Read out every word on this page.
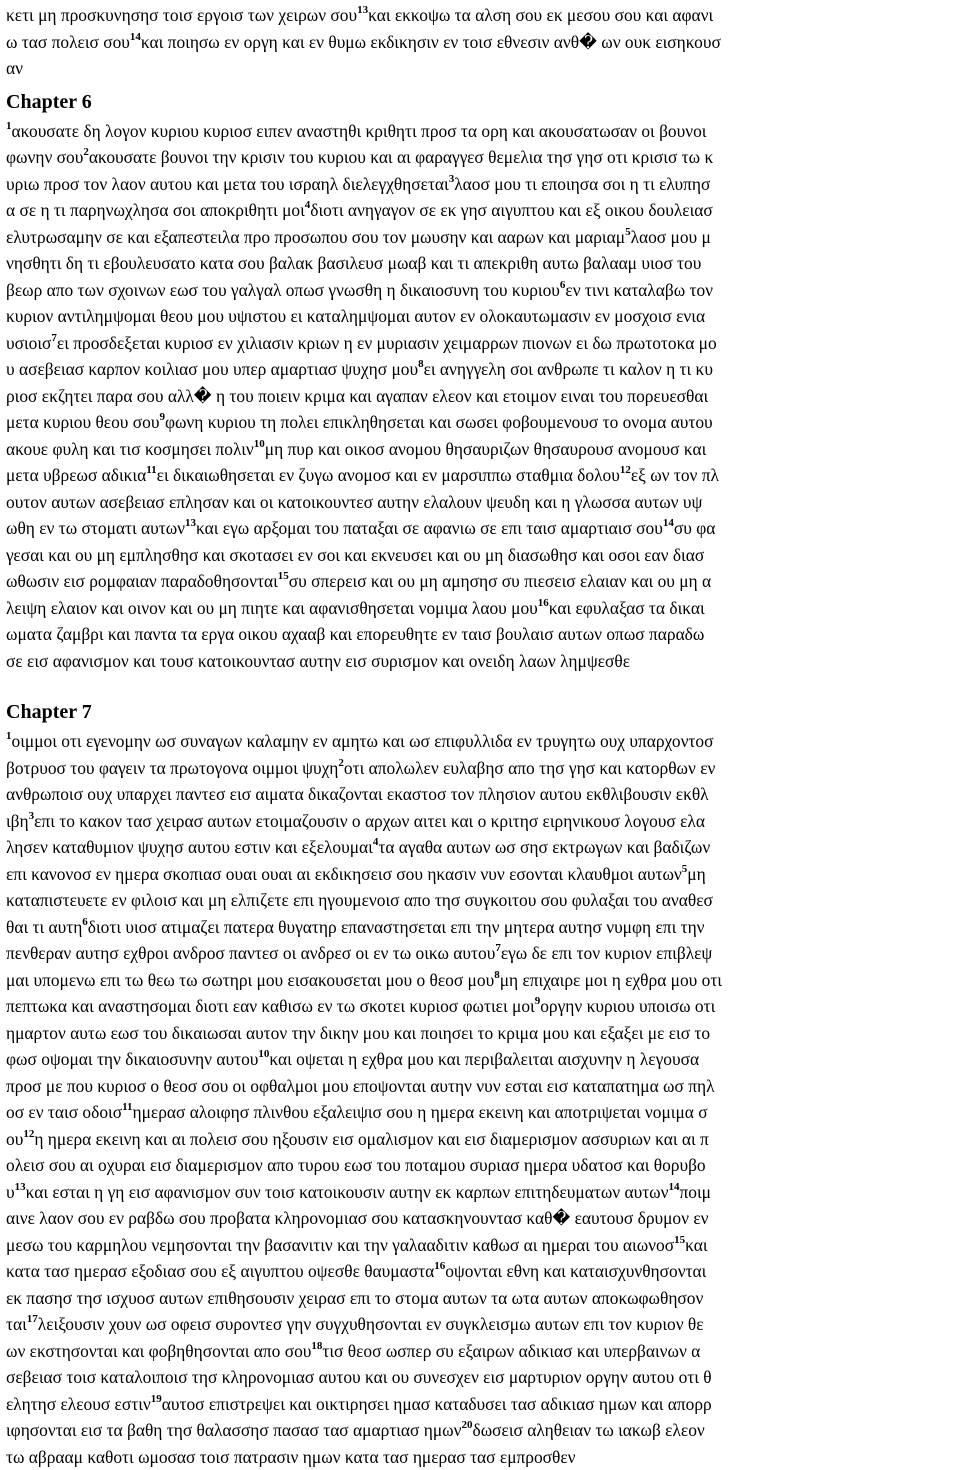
κετι μη προσκυνησησ τοισ εργοισ των χειρων σου$^{13}$και εκκοψω τα αλση σου εκ μεσου σου και αφανι
ω τασ πολεισ σου$^{14}$και ποιησω εν οργη και εν θυμω εκδικησιν εν τοισ εθνεσιν ανθ� ων ουκ εισηκουσ
αν
Chapter 6
$^1$ακουσατε δη λογον κυριου κυριοσ ειπεν αναστηθι κριθητι προσ τα ορη και ακουσατωσαν οι βουνοι
φωνην σου$^2$ακουσατε βουνοι την κρισιν του κυριου και αι φαραγγεσ θεμελια τησ γησ οτι κρισισ τω κ
υριω προσ τον λαον αυτου και μετα του ισραηλ διελεγχθησεται$^3$λαοσ μου τι εποιησα σοι η τι ελυπησ
α σε η τι παρηνωχλησα σοι αποκριθητι μοι$^4$διοτι ανηγαγον σε εκ γησ αιγυπτου και εξ οικου δουλειασ
ελυτρωσαμην σε και εξαπεστειλα προ προσωπου σου τον μωυσην και ααρων και μαριαμ$^5$λαοσ μου μ
νησθητι δη τι εβουλευσατο κατα σου βαλακ βασιλευσ μωαβ και τι απεκριθη αυτω βαλααμ υιοσ του
βεωρ απο των σχοινων εωσ του γαλγαλ οπωσ γνωσθη η δικαιοσυνη του κυριου$^6$εν τινι καταλαβω τον
κυριον αντιλημψομαι θεου μου υψιστου ει καταλημψομαι αυτον εν ολοκαυτωμασιν εν μοσχοισ ενια
υσιοισ$^7$ει προσδεξεται κυριοσ εν χιλιασιν κριων η εν μυριασιν χειμαρρων πιονων ει δω πρωτοτοκα μο
υ ασεβειασ καρπον κοιλιασ μου υπερ αμαρτιασ ψυχησ μου$^8$ει ανηγγελη σοι ανθρωπε τι καλον η τι κυ
ριοσ εκζητει παρα σου αλλ� η του ποιειν κριμα και αγαπαν ελεον και ετοιμον ειναι του πορευεσθαι
μετα κυριου θεου σου$^9$φωνη κυριου τη πολει επικληθησεται και σωσει φοβουμενουσ το ονομα αυτου
ακουε φυλη και τισ κοσμησει πολιν$^{10}$μη πυρ και οικοσ ανομου θησαυριζων θησαυρουσ ανομουσ και
μετα υβρεωσ αδικια$^{11}$ει δικαιωθησεται εν ζυγω ανομοσ και εν μαρσιππω σταθμια δολου$^{12}$εξ ων τον πλ
ουτον αυτων ασεβειασ επλησαν και οι κατοικουντεσ αυτην ελαλουν ψευδη και η γλωσσα αυτων υψ
ωθη εν τω στοματι αυτων$^{13}$και εγω αρξομαι του παταξαι σε αφανιω σε επι ταισ αμαρτιαισ σου$^{14}$συ φα
γεσαι και ου μη εμπλησθησ και σκοτασει εν σοι και εκνευσει και ου μη διασωθησ και οσοι εαν διασ
ωθωσιν εισ ρομφαιαν παραδοθησονται$^{15}$συ σπερεισ και ου μη αμησησ συ πιεσεισ ελαιαν και ου μη α
λειψη ελαιον και οινον και ου μη πιητε και αφανισθησεται νομιμα λαου μου$^{16}$και εφυλαξασ τα δικαι
ωματα ζαμβρι και παντα τα εργα οικου αχααβ και επορευθητε εν ταισ βουλαισ αυτων οπωσ παραδω
σε εισ αφανισμον και τουσ κατοικουντασ αυτην εισ συρισμον και ονειδη λαων λημψεσθε
Chapter 7
$^1$οιμμοι οτι εγενομην ωσ συναγων καλαμην εν αμητω και ωσ επιφυλλιδα εν τρυγητω ουχ υπαρχοντοσ
βοτρυοσ του φαγειν τα πρωτογονα οιμμοι ψυχη$^2$οτι απολωλεν ευλαβησ απο τησ γησ και κατορθων εν
ανθρωποισ ουχ υπαρχει παντεσ εισ αιματα δικαζονται εκαστοσ τον πλησιον αυτου εκθλιβουσιν εκθλ
ιβη$^3$επι το κακον τασ χειρασ αυτων ετοιμαζουσιν ο αρχων αιτει και ο κριτησ ειρηνικουσ λογουσ ελα
λησεν καταθυμιον ψυχησ αυτου εστιν και εξελουμαι$^4$τα αγαθα αυτων ωσ σησ εκτρωγων και βαδιζων
επι κανονοσ εν ημερα σκοπιασ ουαι ουαι αι εκδικησεισ σου ηκασιν νυν εσονται κλαυθμοι αυτων$^5$μη
καταπιστευετε εν φιλοισ και μη ελπιζετε επι ηγουμενοισ απο τησ συγκοιτου σου φυλαξαι του αναθεσ
θαι τι αυτη$^6$διοτι υιοσ ατιμαζει πατερα θυγατηρ επαναστησεται επι την μητερα αυτησ νυμφη επι την
πενθεραν αυτησ εχθροι ανδροσ παντεσ οι ανδρεσ οι εν τω οικω αυτου$^7$εγω δε επι τον κυριον επιβλεψ
μαι υπομενω επι τω θεω τω σωτηρι μου εισακουσεται μου ο θεοσ μου$^8$μη επιχαιρε μοι η εχθρα μου οτι
πεπτωκα και αναστησομαι διοτι εαν καθισω εν τω σκοτει κυριοσ φωτιει μοι$^9$οργην κυριου υποισω οτι
ημαρτον αυτω εωσ του δικαιωσαι αυτον την δικην μου και ποιησει το κριμα μου και εξαξει με εισ το
φωσ οψομαι την δικαιοσυνην αυτου$^{10}$και οψεται η εχθρα μου και περιβαλειται αισχυνην η λεγουσα
προσ με που κυριοσ ο θεοσ σου οι οφθαλμοι μου εποψονται αυτην νυν εσται εισ καταπατημα ωσ πηλ
οσ εν ταισ οδοισ$^{11}$ημερασ αλοιφησ πλινθου εξαλειψισ σου η ημερα εκεινη και αποτριψεται νομιμα σ
$o\upsilon^{12}\eta$ ημερα εκεινη και αι πολεισ σου ηξουσιν εισ ομαλισμον και εισ διαμερισμον ασσυριων και αι π
ολεισ σου αι οχυραι εισ διαμερισμον απο τυρου εωσ του ποταμου συριασ ημερα υδατοσ και θορυβο
$\upsilon^{13}\kappa\alpha\iota$ εσται η γη εισ αφανισμον συν τοισ κατοικουσιν αυτην εκ καρπων επιτηδευματων αυτων$^{14}$ποιμ
αινε λαον σου εν ραβδω σου προβατα κληρονομιασ σου κατασκηνουντασ καθ� εαυτουσ δρυμον εν
μεσω του καρμηλου νεμησονται την βασανιτιν και την γαλααδιτιν καθωσ αι ημεραι του αιωνοσ$^{15}$και
κατα τασ ημερασ εξοδιασ σου εξ αιγυπτου οψεσθε θαυμαστα$^{16}$οψονται εθνη και καταισχυνθησονται
εκ πασησ τησ ισχυοσ αυτων επιθησουσιν χειρασ επι το στομα αυτων τα ωτα αυτων αποκωφωθησον
ται$^{17}$λειξουσιν χουν ωσ οφεισ συροντεσ γην συγχυθησονται εν συγκλεισμω αυτων επι τον κυριον θε
ων εκστησονται και φοβηθησονται απο σου$^{18}$τισ θεοσ ωσπερ συ εξαιρων αδικιασ και υπερβαινων α
σεβειασ τοισ καταλοιποισ τησ κληρονομιασ αυτου και ου συνεσχεν εισ μαρτυριον οργην αυτου οτι θ
ελητησ ελεουσ εστιν$^{19}$αυτοσ επιστρεψει και οικτιρησει ημασ καταδυσει τασ αδικιασ ημων και απορρ
ιφησονται εισ τα βαθη τησ θαλασσησ πασασ τασ αμαρτιασ ημων$^{20}$δωσεισ αληθειαν τω ιακωβ ελεον
τω αβρααμ καθοτι ωμοσασ τοισ πατρασιν ημων κατα τασ ημερασ τασ εμπροσθεν
